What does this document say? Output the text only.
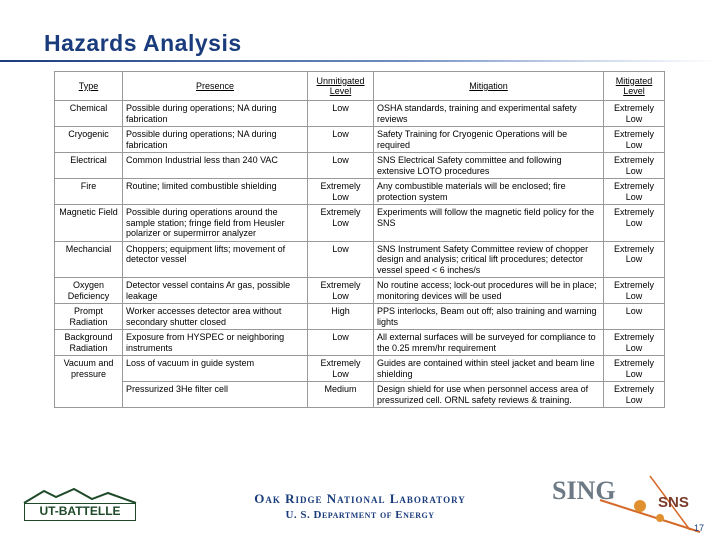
Hazards Analysis
Type	Presence	Unmitigated Level	Mitigation	Mitigated Level
Chemical	Possible during operations; NA during fabrication	Low	OSHA standards, training and experimental safety reviews	Extremely Low
Cryogenic	Possible during operations; NA during fabrication	Low	Safety Training for Cryogenic Operations will be required	Extremely Low
Electrical	Common Industrial less than 240 VAC	Low	SNS Electrical Safety committee and following extensive LOTO procedures	Extremely Low
Fire	Routine; limited combustible shielding	Extremely Low	Any combustible materials will be enclosed; fire protection system	Extremely Low
Magnetic Field	Possible during operations around the sample station; fringe field from Heusler polarizer or supermirror analyzer	Extremely Low	Experiments will follow the magnetic field policy for the SNS	Extremely Low
Mechancial	Choppers; equipment lifts; movement of detector vessel	Low	SNS Instrument Safety Committee review of chopper design and analysis; critical lift procedures; detector vessel speed < 6 inches/s	Extremely Low
Oxygen Deficiency	Detector vessel contains Ar gas, possible leakage	Extremely Low	No routine access; lock-out procedures will be in place; monitoring devices will be used	Extremely Low
Prompt Radiation	Worker accesses detector area without secondary shutter closed	High	PPS interlocks, Beam out off; also training and warning lights	Low
Background Radiation	Exposure from HYSPEC or neighboring instruments	Low	All external surfaces will be surveyed for compliance to the 0.25 mrem/hr requirement	Extremely Low
Vacuum and pressure	Loss of vacuum in guide system	Extremely Low	Guides are contained within steel jacket and beam line shielding	Extremely Low
	Pressurized 3He filter cell	Medium	Design shield for use when personnel access area of pressurized cell. ORNL safety reviews & training.	Extremely Low
UT-BATTELLE
Oak Ridge National Laboratory
U. S. Department of Energy
SING	SNS
17
